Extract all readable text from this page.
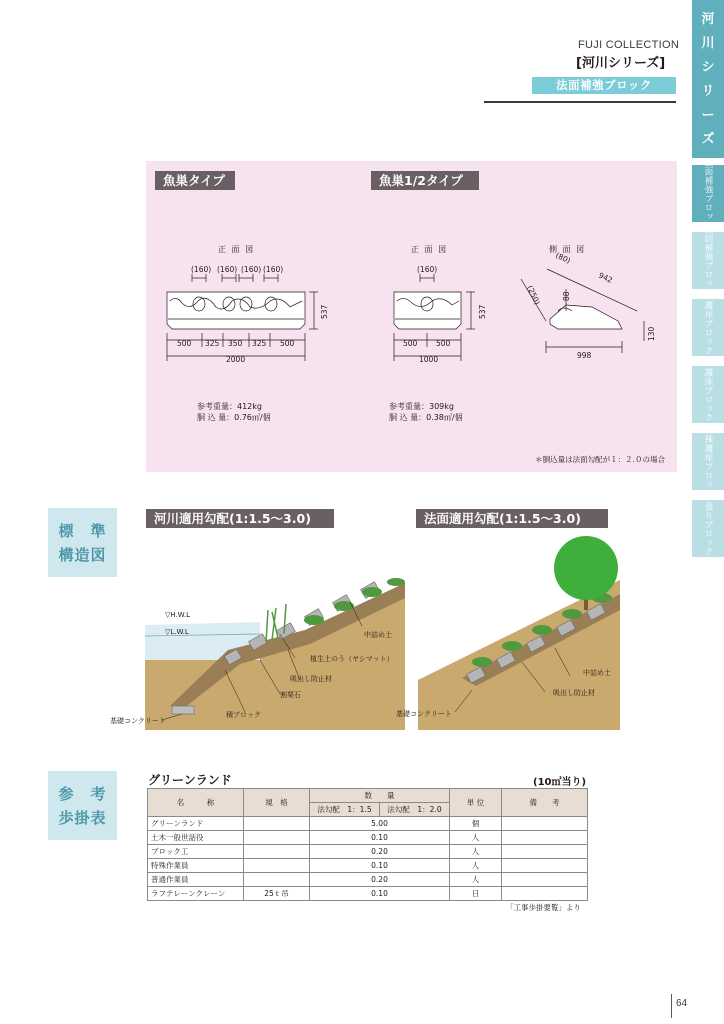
FUJI COLLECTION
[河川シリーズ]
法面補強ブロック
河
川
シ
リ
ー
ズ
法面補強ブロック
根固補強ブロック
護岸ブロック
護床ブロック
特殊護岸ブロック
張りブロック
魚巣タイプ	魚巣1/2タイプ
正 面 図	正 面 図	側 面 図
(160) (160) (160) (160)
500 325 350 325 500
2000
537
(160)
500 500
1000
537
(80)
942
(250)	88
998
130
参考重量：412kg
胴 込 量：0.76㎥/個
参考重量：309kg
胴 込 量：0.38㎥/個
＊胴込量は法面勾配が１：２.０の場合
標　準
構造図
河川適用勾配(1:1.5～3.0)	法面適用勾配(1:1.5～3.0)
▽H.W.L
▽L.W.L	中詰め土
植生土のう（ヤシマット）
吸出し防止材
割栗石
積ブロック
基礎コンクリート
中詰め土
吸出し防止材
基礎コンクリート
参　考
歩掛表
グリーンランド	(10㎡当り)
名　　　称	規　格	数　　量		単 位	備　　考
		法勾配　1：1.5	法勾配　1：2.0		
グリーンランド		5.00		個	
土木一般世話役		0.10		人	
ブロック工		0.20		人	
特殊作業員		0.10		人	
普通作業員		0.20		人	
ラフテレーンクレーン	25ｔ吊	0.10		日	
「工事歩掛要覧」より
64
